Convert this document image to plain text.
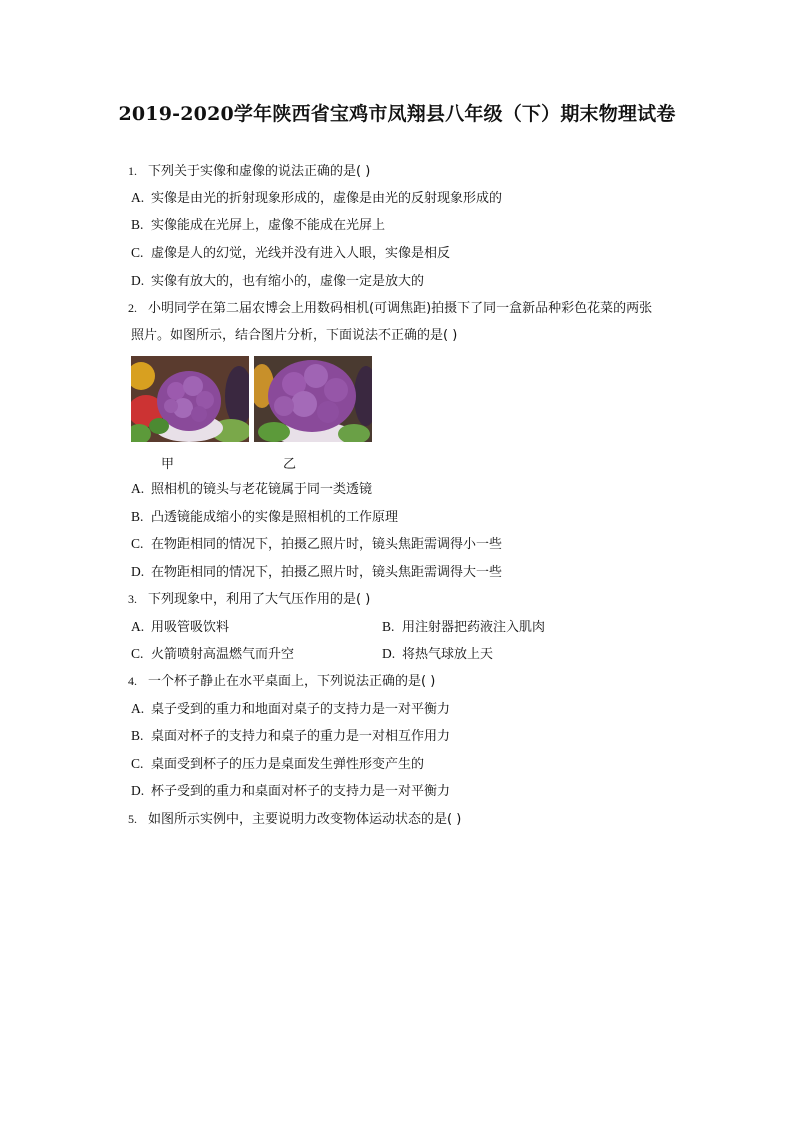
2019-2020学年陕西省宝鸡市凤翔县八年级（下）期末物理试卷
1. 下列关于实像和虚像的说法正确的是( )
A. 实像是由光的折射现象形成的，虚像是由光的反射现象形成的
B. 实像能成在光屏上，虚像不能成在光屏上
C. 虚像是人的幻觉，光线并没有进入人眼，实像是相反
D. 实像有放大的，也有缩小的，虚像一定是放大的
2. 小明同学在第二届农博会上用数码相机(可调焦距)拍摄下了同一盒新品种彩色花菜的两张
照片。如图所示，结合图片分析，下面说法不正确的是( )
甲	乙
A. 照相机的镜头与老花镜属于同一类透镜
B. 凸透镜能成缩小的实像是照相机的工作原理
C. 在物距相同的情况下，拍摄乙照片时，镜头焦距需调得小一些
D. 在物距相同的情况下，拍摄乙照片时，镜头焦距需调得大一些
3. 下列现象中，利用了大气压作用的是( )
A. 用吸管吸饮料	B. 用注射器把药液注入肌肉
C. 火箭喷射高温燃气而升空	D. 将热气球放上天
4. 一个杯子静止在水平桌面上，下列说法正确的是( )
A. 桌子受到的重力和地面对桌子的支持力是一对平衡力
B. 桌面对杯子的支持力和桌子的重力是一对相互作用力
C. 桌面受到杯子的压力是桌面发生弹性形变产生的
D. 杯子受到的重力和桌面对杯子的支持力是一对平衡力
5. 如图所示实例中，主要说明力改变物体运动状态的是( )
